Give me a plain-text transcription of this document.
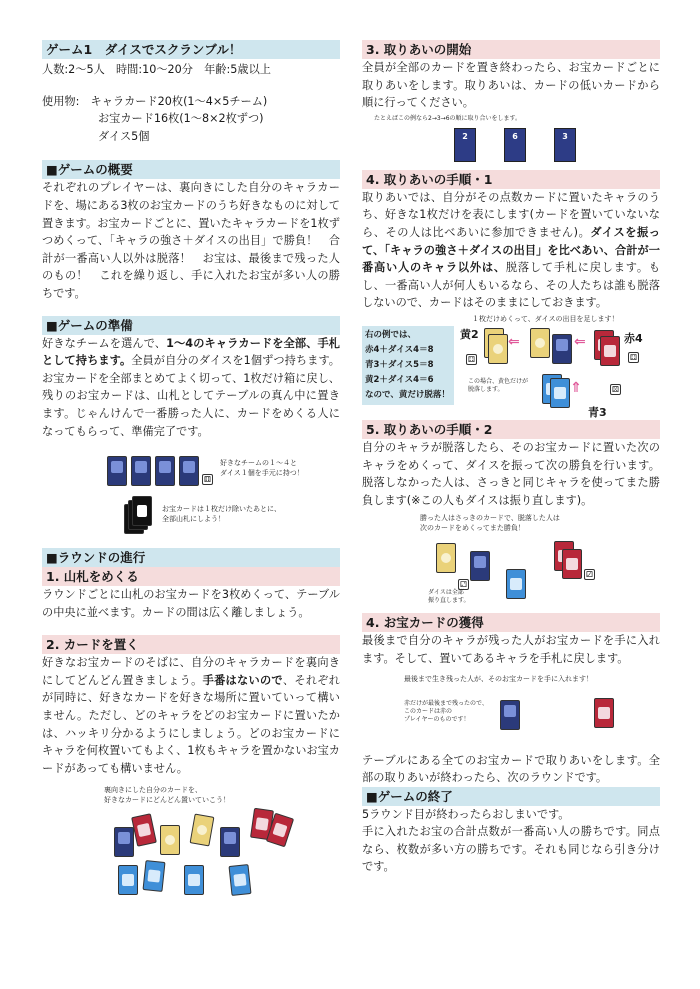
ゲーム1　ダイスでスクランブル！
人数:2～5人　時間:10～20分　年齢:5歳以上
使用物:　キャラカード20枚(1～4×5チーム)
　　　　　お宝カード16枚(1～8×2枚ずつ)
　　　　　ダイス5個
■ゲームの概要
それぞれのプレイヤーは、裏向きにした自分のキャラカードを、場にある3枚のお宝カードのうち好きなものに対して置きます。お宝カードごとに、置いたキャラカードを1枚ずつめくって、「キャラの強さ＋ダイスの出目」で勝負！　合計が一番高い人以外は脱落！　お宝は、最後まで残った人のもの！　これを繰り返し、手に入れたお宝が多い人の勝ちです。
■ゲームの準備
好きなチームを選んで、1～4のキャラカードを全部、手札として持ちます。全員が自分のダイスを1個ずつ持ちます。お宝カードを全部まとめてよく切って、1枚だけ箱に戻し、残りのお宝カードは、山札としてテーブルの真ん中に置きます。じゃんけんで一番勝った人に、カードをめくる人になってもらって、準備完了です。
⚅
好きなチームの１～４と
ダイス１個を手元に持つ！
お宝カードは１枚だけ除いたあとに、
全部山札にしよう！
■ラウンドの進行
1. 山札をめくる
ラウンドごとに山札のお宝カードを3枚めくって、テーブルの中央に並べます。カードの間は広く離しましょう。
2. カードを置く
好きなお宝カードのそばに、自分のキャラカードを裏向きにしてどんどん置きましょう。手番はないので、それぞれが同時に、好きなカードを好きな場所に置いていって構いません。ただし、どのキャラをどのお宝カードに置いたかは、ハッキリ分かるようにしましょう。どのお宝カードにキャラを何枚置いてもよく、1枚もキャラを置かないお宝カードがあっても構いません。
裏向きにした自分のカードを、
好きなカードにどんどん置いていこう！
3. 取りあいの開始
全員が全部のカードを置き終わったら、お宝カードごとに取りあいをします。取りあいは、カードの低いカードから順に行ってください。
たとえばこの例なら2→3→6の順に取り合いをします。
2	6	3
4. 取りあいの手順・1
取りあいでは、自分がその点数カードに置いたキャラのうち、好きな1枚だけを表にします(カードを置いていないなら、その人は比べあいに参加できません)。ダイスを振って、「キャラの強さ＋ダイスの出目」を比べあい、合計が一番高い人のキャラ以外は、脱落して手札に戻します。もし、一番高い人が何人もいるなら、その人たちは誰も脱落しないので、カードはそのままにしておきます。
１枚だけめくって、ダイスの出目を足します！
右の例では、
赤4＋ダイス4＝8
青3＋ダイス5＝8
黄2＋ダイス4＝6
なので、黄だけ脱落！
黄2
⚃
⇐	⇐	赤4
⚃
この場合、黄色だけが
脱落します。	⇑	⚄
青3
5. 取りあいの手順・2
自分のキャラが脱落したら、そのお宝カードに置いた次のキャラをめくって、ダイスを振って次の勝負を行います。脱落しなかった人は、さっきと同じキャラを使ってまた勝負します(※この人もダイスは振り直します)。
勝った人はさっきのカードで、脱落した人は
次のカードをめくってまた勝負！
⚁
⚂
ダイスは全部
振り直します。
4. お宝カードの獲得
最後まで自分のキャラが残った人がお宝カードを手に入れます。そして、置いてあるキャラを手札に戻します。
最後まで生き残った人が、そのお宝カードを手に入れます！
赤だけが最後まで残ったので、
このカードは赤の
プレイヤーのものです！
テーブルにある全てのお宝カードで取りあいをします。全部の取りあいが終わったら、次のラウンドです。
■ゲームの終了
5ラウンド目が終わったらおしまいです。
手に入れたお宝の合計点数が一番高い人の勝ちです。同点なら、枚数が多い方の勝ちです。それも同じなら引き分けです。
